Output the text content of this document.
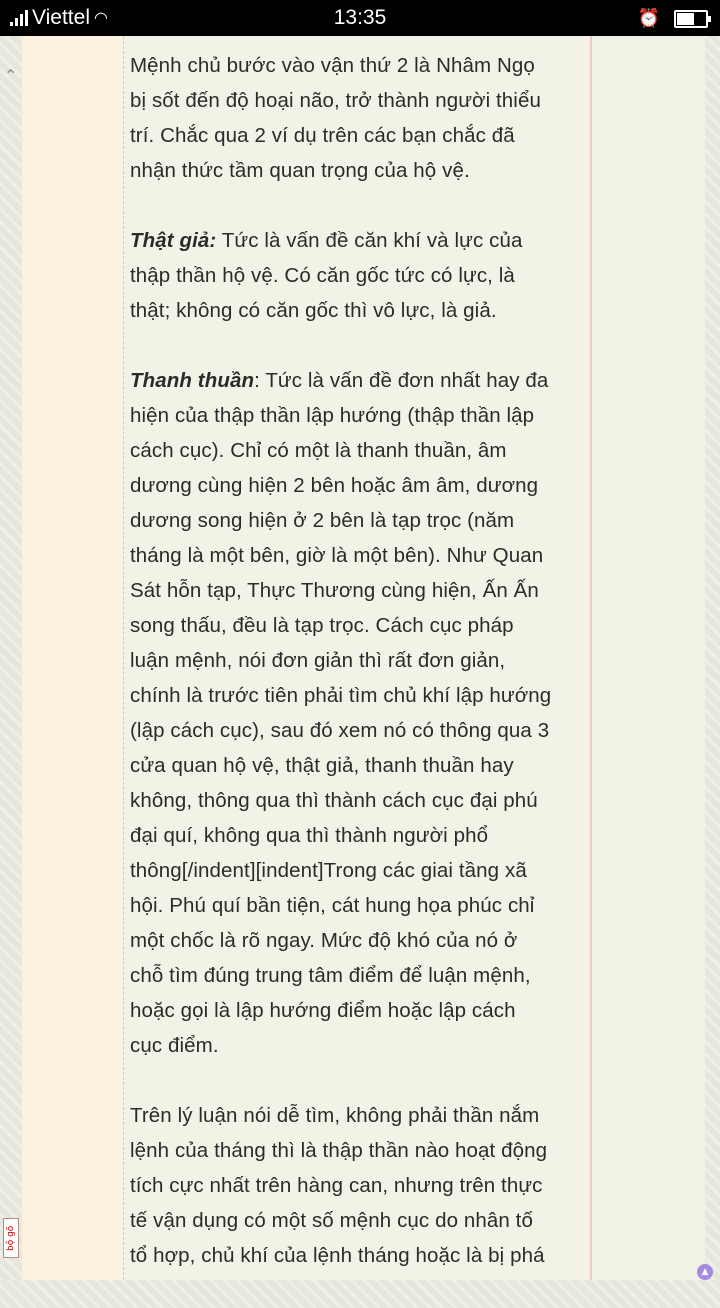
Viettel ◠	13:35	⏰
⌃	Mệnh chủ bước vào vận thứ 2 là Nhâm Ngọ
bị sốt đến độ hoại não, trở thành người thiểu
trí. Chắc qua 2 ví dụ trên các bạn chắc đã
nhận thức tầm quan trọng của hộ vệ.
Thật giả: Tức là vấn đề căn khí và lực của
thập thần hộ vệ. Có căn gốc tức có lực, là
thật; không có căn gốc thì vô lực, là giả.
Thanh thuần: Tức là vấn đề đơn nhất hay đa
hiện của thập thần lập hướng (thập thần lập
cách cục). Chỉ có một là thanh thuần, âm
dương cùng hiện 2 bên hoặc âm âm, dương
dương song hiện ở 2 bên là tạp trọc (năm
tháng là một bên, giờ là một bên). Như Quan
Sát hỗn tạp, Thực Thương cùng hiện, Ấn Ấn
song thấu, đều là tạp trọc. Cách cục pháp
luận mệnh, nói đơn giản thì rất đơn giản,
chính là trước tiên phải tìm chủ khí lập hướng
(lập cách cục), sau đó xem nó có thông qua 3
cửa quan hộ vệ, thật giả, thanh thuần hay
không, thông qua thì thành cách cục đại phú
đại quí, không qua thì thành người phổ
thông[/indent][indent]Trong các giai tầng xã
hội. Phú quí bần tiện, cát hung họa phúc chỉ
một chốc là rõ ngay. Mức độ khó của nó ở
chỗ tìm đúng trung tâm điểm để luận mệnh,
hoặc gọi là lập hướng điểm hoặc lập cách
cục điểm.
Trên lý luận nói dễ tìm, không phải thần nắm
lệnh của tháng thì là thập thần nào hoạt động
tích cực nhất trên hàng can, nhưng trên thực
tế vận dụng có một số mệnh cục do nhân tố
tổ hợp, chủ khí của lệnh tháng hoặc là bị phá
bộ gõ
▲
